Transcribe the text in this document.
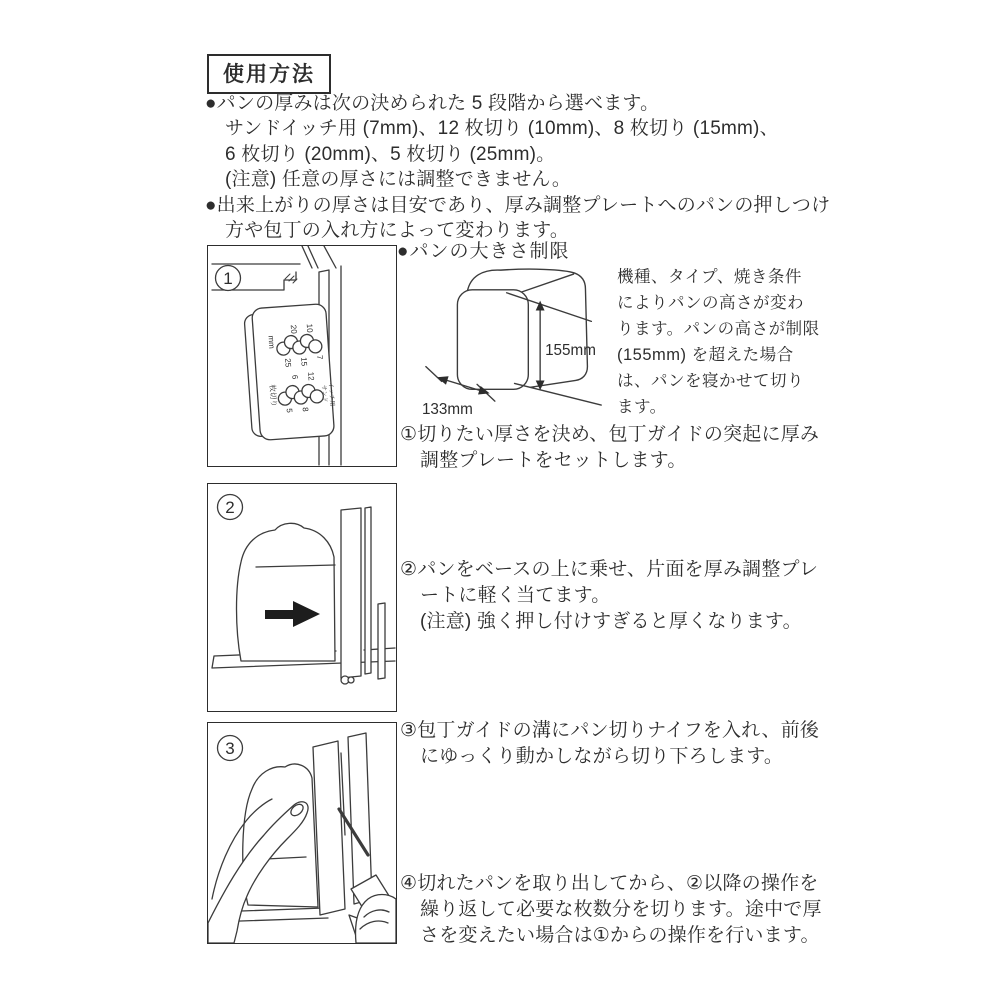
使用方法
●パンの厚みは次の決められた 5 段階から選べます。
サンドイッチ用 (7mm)、12 枚切り (10mm)、8 枚切り (15mm)、
6 枚切り (20mm)、5 枚切り (25mm)。
(注意) 任意の厚さには調整できません。
●出来上がりの厚さは目安であり、厚み調整プレートへのパンの押しつけ
方や包丁の入れ方によって変わります。
mm
20 10
25 15 7
枚切り
6 12
5 8
サンド イッチ用
1
●パンの大きさ制限
155mm
133mm
機種、タイプ、焼き条件
によりパンの高さが変わ
ります。パンの高さが制限
(155mm) を超えた場合
は、パンを寝かせて切り
ます。
①切りたい厚さを決め、包丁ガイドの突起に厚み
調整プレートをセットします。
2
②パンをベースの上に乗せ、片面を厚み調整プレ
ートに軽く当てます。
(注意) 強く押し付けすぎると厚くなります。
3
③包丁ガイドの溝にパン切りナイフを入れ、前後
にゆっくり動かしながら切り下ろします。
④切れたパンを取り出してから、②以降の操作を
繰り返して必要な枚数分を切ります。途中で厚
さを変えたい場合は①からの操作を行います。
